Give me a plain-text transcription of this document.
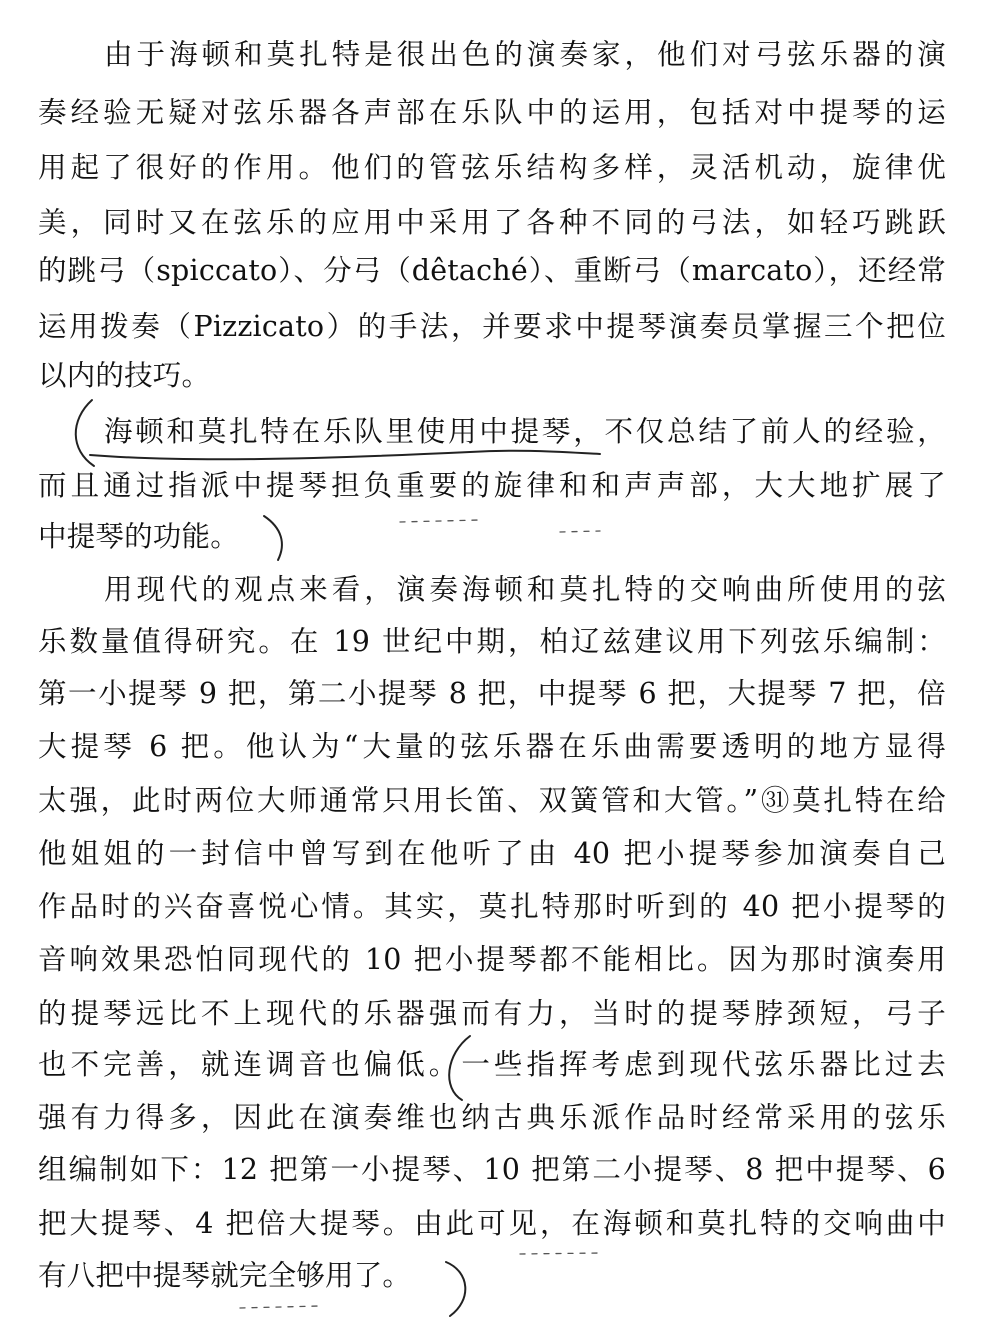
由于海顿和莫扎特是很出色的演奏家，他们对弓弦乐器的演
奏经验无疑对弦乐器各声部在乐队中的运用，包括对中提琴的运
用起了很好的作用。他们的管弦乐结构多样，灵活机动，旋律优
美，同时又在弦乐的应用中采用了各种不同的弓法，如轻巧跳跃
的跳弓（spiccato）、分弓（dêtaché）、重断弓（marcato），还经常
运用拨奏（Pizzicato）的手法，并要求中提琴演奏员掌握三个把位
以内的技巧。
海顿和莫扎特在乐队里使用中提琴，不仅总结了前人的经验，
而且通过指派中提琴担负重要的旋律和和声声部，大大地扩展了
中提琴的功能。
用现代的观点来看，演奏海顿和莫扎特的交响曲所使用的弦
乐数量值得研究。在 19 世纪中期，柏辽兹建议用下列弦乐编制：
第一小提琴 9 把，第二小提琴 8 把，中提琴 6 把，大提琴 7 把，倍
大提琴 6 把。他认为“大量的弦乐器在乐曲需要透明的地方显得
太强，此时两位大师通常只用长笛、双簧管和大管。”㉛莫扎特在给
他姐姐的一封信中曾写到在他听了由 40 把小提琴参加演奏自己
作品时的兴奋喜悦心情。其实，莫扎特那时听到的 40 把小提琴的
音响效果恐怕同现代的 10 把小提琴都不能相比。因为那时演奏用
的提琴远比不上现代的乐器强而有力，当时的提琴脖颈短，弓子
也不完善，就连调音也偏低。一些指挥考虑到现代弦乐器比过去
强有力得多，因此在演奏维也纳古典乐派作品时经常采用的弦乐
组编制如下：12 把第一小提琴、10 把第二小提琴、8 把中提琴、6
把大提琴、4 把倍大提琴。由此可见，在海顿和莫扎特的交响曲中
有八把中提琴就完全够用了。
